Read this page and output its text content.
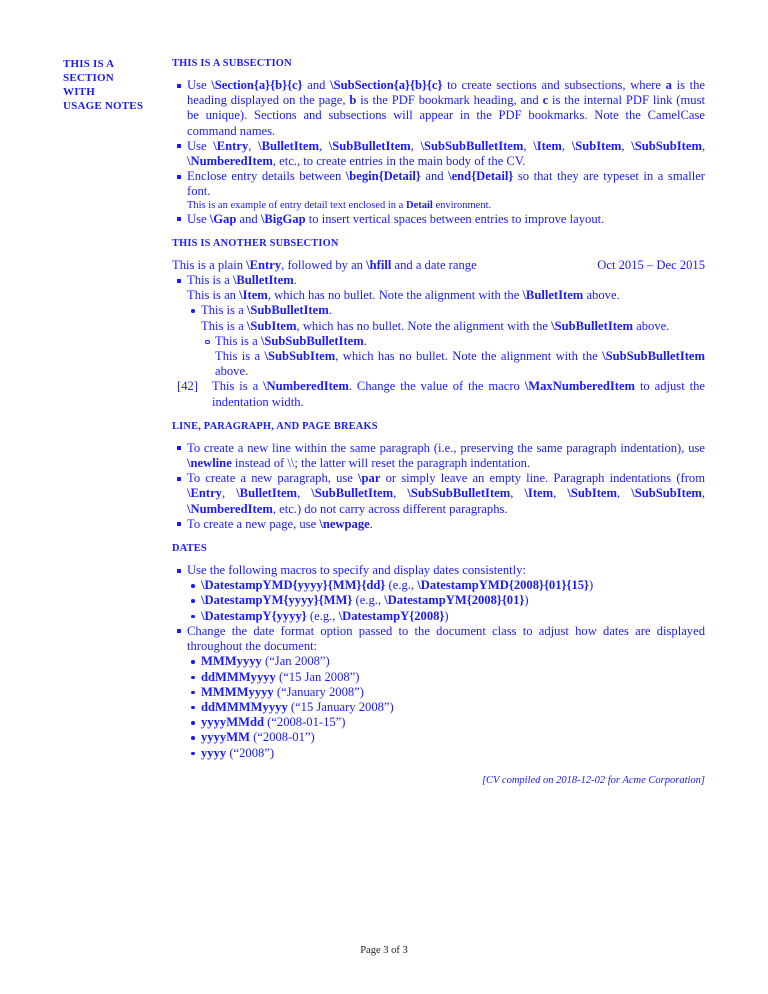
THIS IS A
SECTION
WITH
USAGE NOTES
THIS IS A SUBSECTION
Use \Section{a}{b}{c} and \SubSection{a}{b}{c} to create sections and subsections, where a is the heading displayed on the page, b is the PDF bookmark heading, and c is the internal PDF link (must be unique). Sections and subsections will appear in the PDF bookmarks. Note the CamelCase command names.
Use \Entry, \BulletItem, \SubBulletItem, \SubSubBulletItem, \Item, \SubItem, \SubSubItem, \NumberedItem, etc., to create entries in the main body of the CV.
Enclose entry details between \begin{Detail} and \end{Detail} so that they are typeset in a smaller font.
This is an example of entry detail text enclosed in a Detail environment.
Use \Gap and \BigGap to insert vertical spaces between entries to improve layout.
THIS IS ANOTHER SUBSECTION
This is a plain \Entry, followed by an \hfill and a date range	Oct 2015 – Dec 2015
This is a \BulletItem.
This is an \Item, which has no bullet. Note the alignment with the \BulletItem above.
This is a \SubBulletItem.
This is a \SubItem, which has no bullet. Note the alignment with the \SubBulletItem above.
This is a \SubSubBulletItem.
This is a \SubSubItem, which has no bullet. Note the alignment with the \SubSubBulletItem above.
[42]	This is a \NumberedItem. Change the value of the macro \MaxNumberedItem to adjust the indentation width.
LINE, PARAGRAPH, AND PAGE BREAKS
To create a new line within the same paragraph (i.e., preserving the same paragraph indentation), use \newline instead of \\; the latter will reset the paragraph indentation.
To create a new paragraph, use \par or simply leave an empty line. Paragraph indentations (from \Entry, \BulletItem, \SubBulletItem, \SubSubBulletItem, \Item, \SubItem, \SubSubItem, \NumberedItem, etc.) do not carry across different paragraphs.
To create a new page, use \newpage.
DATES
Use the following macros to specify and display dates consistently:
\DatestampYMD{yyyy}{MM}{dd} (e.g., \DatestampYMD{2008}{01}{15})
\DatestampYM{yyyy}{MM} (e.g., \DatestampYM{2008}{01})
\DatestampY{yyyy} (e.g., \DatestampY{2008})
Change the date format option passed to the document class to adjust how dates are displayed throughout the document:
MMMyyyy (“Jan 2008”)
ddMMMyyyy (“15 Jan 2008”)
MMMMyyyy (“January 2008”)
ddMMMMyyyy (“15 January 2008”)
yyyyMMdd (“2008-01-15”)
yyyyMM (“2008-01”)
yyyy (“2008”)
[CV compiled on 2018-12-02 for Acme Corporation]
Page 3 of 3
